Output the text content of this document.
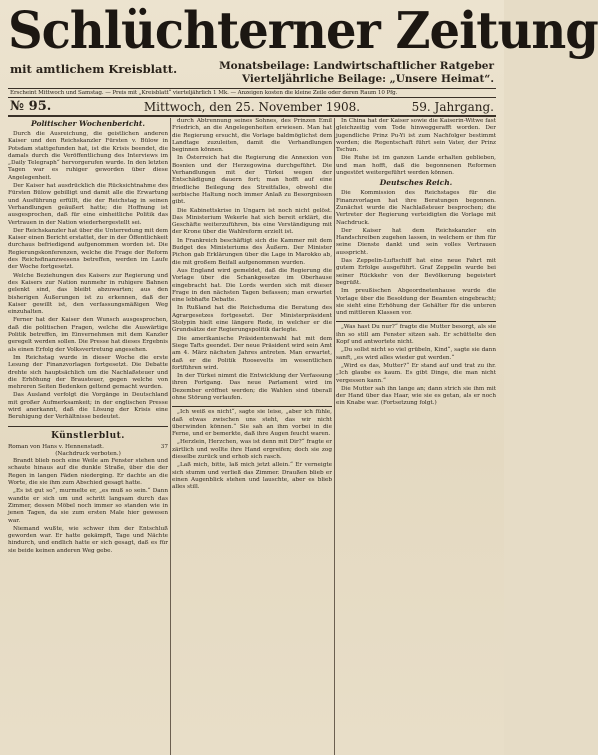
Schlüchterner Zeitung
mit amtlichem Kreisblatt.	Monatsbeilage: Landwirtschaftlicher Ratgeber
Vierteljährliche Beilage: „Unsere Heimat“.
Erscheint Mittwoch und Samstag. — Preis mit „Kreisblatt“ vierteljährlich 1 Mk. — Anzeigen kosten die kleine Zeile oder deren Raum 10 Pfg.
№ 95.	Mittwoch, den 25. November 1908.	59. Jahrgang.
Politischer Wochenbericht.

Durch die Ausreichung, die geistlichen anderen Kaiser und den Reichskanzler Fürsten v. Bülow in Potsdam stattgefunden hat, ist die Krisis beendet, die damals durch die Veröffentlichung des Interviews im „Daily Telegraph“ hervorgerufen wurde. In den letzten Tagen war es ruhiger geworden über diese Angelegenheit.

Der Kaiser hat ausdrücklich die Rücksichtnahme des Fürsten Bülow gebilligt und damit alle die Erwartung und Ausführung erfüllt, die der Reichstag in seinen Verhandlungen geäußert hatte; die Hoffnung ist ausgesprochen, daß für eine einheitliche Politik das Vertrauen in der Nation wiederhergestellt sei.

Der Reichskanzler hat über die Unterredung mit dem Kaiser einen Bericht erstattet, der in der Öffentlichkeit durchaus befriedigend aufgenommen worden ist. Die Regierungskonferenzen, welche die Frage der Reform des Reichsfinanzwesens betreffen, werden im Laufe der Woche fortgesetzt.

Welche Beziehungen des Kaisers zur Regierung und des Kaisers zur Nation nunmehr in ruhigere Bahnen gelenkt sind, das bleibt abzuwarten; aus den bisherigen Äußerungen ist zu erkennen, daß der Kaiser gewillt ist, den verfassungsmäßigen Weg einzuhalten.

Ferner hat der Kaiser den Wunsch ausgesprochen, daß die politischen Fragen, welche die Auswärtige Politik betreffen, im Einvernehmen mit dem Kanzler geregelt werden sollen. Die Presse hat dieses Ergebnis als einen Erfolg der Volksvertretung angesehen.

Im Reichstag wurde in dieser Woche die erste Lesung der Finanzvorlagen fortgesetzt. Die Debatte drehte sich hauptsächlich um die Nachlaßsteuer und die Erhöhung der Brausteuer, gegen welche von mehreren Seiten Bedenken geltend gemacht wurden.

Das Ausland verfolgt die Vorgänge in Deutschland mit großer Aufmerksamkeit; in der englischen Presse wird anerkannt, daß die Lösung der Krisis eine Beruhigung der Verhältnisse bedeutet.

Künstlerblut.
Roman von Hans v. Hennenstadt.	37
(Nachdruck verboten.)

Brandt blieb noch eine Weile am Fenster stehen und schaute hinaus auf die dunkle Straße, über die der Regen in langen Fäden niederging. Er dachte an die Worte, die sie ihm zum Abschied gesagt hatte.

„Es ist gut so“, murmelte er, „es muß so sein.“ Dann wandte er sich um und schritt langsam durch das Zimmer, dessen Möbel noch immer so standen wie in jenen Tagen, da sie zum ersten Male hier gewesen war.

Niemand wußte, wie schwer ihm der Entschluß geworden war. Er hatte gekämpft, Tage und Nächte hindurch, und endlich hatte er sich gesagt, daß es für sie beide keinen anderen Weg gebe.

durch Abtrennung seines Sohnes, des Prinzen Emil Friedrich, an die Angelegenheiten erwiesen. Man hat die Regierung ersucht, die Vorlage baldmöglichst dem Landtage zuzuleiten, damit die Verhandlungen beginnen können.

In Österreich hat die Regierung die Annexion von Bosnien und der Herzegowina durchgeführt. Die Verhandlungen mit der Türkei wegen der Entschädigung dauern fort; man hofft auf eine friedliche Beilegung des Streitfalles, obwohl die serbische Haltung noch immer Anlaß zu Besorgnissen gibt.

Die Kabinettskrise in Ungarn ist noch nicht gelöst. Das Ministerium Wekerle hat sich bereit erklärt, die Geschäfte weiterzuführen, bis eine Verständigung mit der Krone über die Wahlreform erzielt ist.

In Frankreich beschäftigt sich die Kammer mit dem Budget des Ministeriums des Äußern. Der Minister Pichon gab Erklärungen über die Lage in Marokko ab, die mit großem Beifall aufgenommen wurden.

Aus England wird gemeldet, daß die Regierung die Vorlage über die Schankgesetze im Oberhause eingebracht hat. Die Lords werden sich mit dieser Frage in den nächsten Tagen befassen; man erwartet eine lebhafte Debatte.

In Rußland hat die Reichsduma die Beratung des Agrargesetzes fortgesetzt. Der Ministerpräsident Stolypin hielt eine längere Rede, in welcher er die Grundsätze der Regierungspolitik darlegte.

Die amerikanische Präsidentenwahl hat mit dem Siege Tafts geendet. Der neue Präsident wird sein Amt am 4. März nächsten Jahres antreten. Man erwartet, daß er die Politik Roosevelts im wesentlichen fortführen wird.

In der Türkei nimmt die Entwicklung der Verfassung ihren Fortgang. Das neue Parlament wird im Dezember eröffnet werden; die Wahlen sind überall ohne Störung verlaufen.

„Ich weiß es nicht“, sagte sie leise, „aber ich fühle, daß etwas zwischen uns steht, das wir nicht überwinden können.“ Sie sah an ihm vorbei in die Ferne, und er bemerkte, daß ihre Augen feucht waren.

„Herzlein, Herzchen, was ist denn mit Dir?“ fragte er zärtlich und wollte ihre Hand ergreifen; doch sie zog dieselbe zurück und erhob sich rasch.

„Laß mich, bitte, laß mich jetzt allein.“ Er verneigte sich stumm und verließ das Zimmer. Draußen blieb er einen Augenblick stehen und lauschte, aber es blieb alles still.

In China hat der Kaiser sowie die Kaiserin-Witwe fast gleichzeitig vom Tode hinweggerafft worden. Der jugendliche Prinz Pu-Yi ist zum Nachfolger bestimmt worden; die Regentschaft führt sein Vater, der Prinz Tschun.

Die Ruhe ist im ganzen Lande erhalten geblieben, und man hofft, daß die begonnenen Reformen ungestört weitergeführt werden können.

Deutsches Reich.

Die Kommission des Reichstages für die Finanzvorlagen hat ihre Beratungen begonnen. Zunächst wurde die Nachlaßsteuer besprochen; die Vertreter der Regierung verteidigten die Vorlage mit Nachdruck.

Der Kaiser hat dem Reichskanzler ein Handschreiben zugehen lassen, in welchem er ihm für seine Dienste dankt und sein volles Vertrauen ausspricht.

Das Zeppelin-Luftschiff hat eine neue Fahrt mit gutem Erfolge ausgeführt. Graf Zeppelin wurde bei seiner Rückkehr von der Bevölkerung begeistert begrüßt.

Im preußischen Abgeordnetenhause wurde die Vorlage über die Besoldung der Beamten eingebracht; sie sieht eine Erhöhung der Gehälter für die unteren und mittleren Klassen vor.

„Was hast Du nur?“ fragte die Mutter besorgt, als sie ihn so still am Fenster sitzen sah. Er schüttelte den Kopf und antwortete nicht.

„Du sollst nicht so viel grübeln, Kind“, sagte sie dann sanft, „es wird alles wieder gut werden.“

„Wird es das, Mutter?“ Er stand auf und trat zu ihr. „Ich glaube es kaum. Es gibt Dinge, die man nicht vergessen kann.“

Die Mutter sah ihn lange an; dann strich sie ihm mit der Hand über das Haar, wie sie es getan, als er noch ein Knabe war. (Fortsetzung folgt.)
